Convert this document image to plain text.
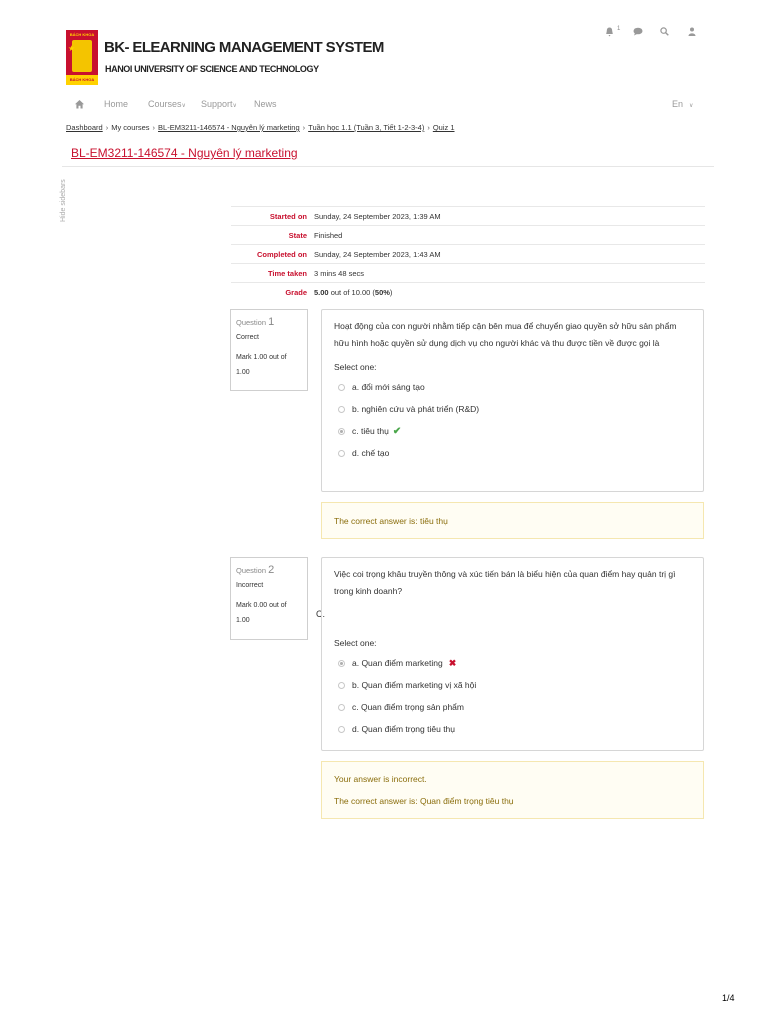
BÁCH KHOA
★
BÁCH KHOA
BK- ELEARNING MANAGEMENT SYSTEM
HANOI UNIVERSITY OF SCIENCE AND TECHNOLOGY
1
Home Courses∨ Support∨ News	En ∨
Dashboard › My courses › BL-EM3211-146574 - Nguyên lý marketing › Tuần học 1.1 (Tuần 3, Tiết 1-2-3-4) › Quiz 1
BL-EM3211-146574 - Nguyên lý marketing
Hide sidebars	Started on Sunday, 24 September 2023, 1:39 AM
State Finished
Completed on Sunday, 24 September 2023, 1:43 AM
Time taken 3 mins 48 secs
Grade 5.00 out of 10.00 (50%)
Question 1
Correct
Mark 1.00 out of 1.00
Hoạt động của con người nhằm tiếp cận bên mua để chuyển giao quyền sở hữu sản phẩm hữu hình hoặc quyền sử dụng dịch vụ cho người khác và thu được tiền về được gọi là
Select one:
a. đổi mới sáng tạo
b. nghiên cứu và phát triển (R&D)
c. tiêu thụ ✔
d. chế tạo
The correct answer is: tiêu thụ
Question 2
Incorrect
Mark 0.00 out of 1.00
C.
Việc coi trọng khâu truyền thông và xúc tiến bán là biểu hiện của quan điểm hay quản trị gì trong kinh doanh?
Select one:
a. Quan điểm marketing ✖
b. Quan điểm marketing vị xã hội
c. Quan điểm trọng sản phẩm
d. Quan điểm trọng tiêu thụ
Your answer is incorrect.
The correct answer is: Quan điểm trọng tiêu thụ
1/4
